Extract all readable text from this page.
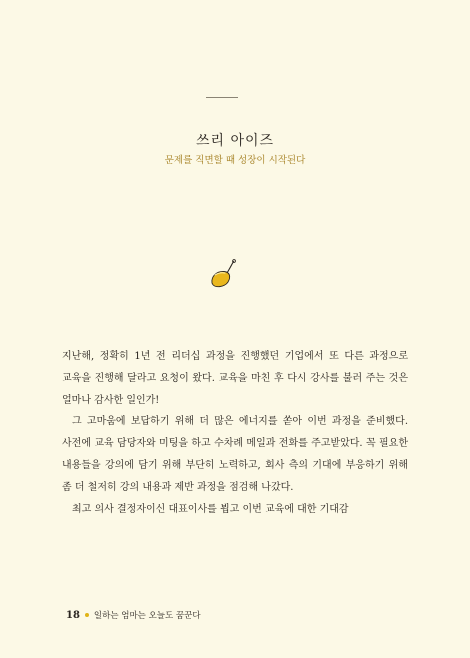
쓰리 아이즈

문제를 직면할 때 성장이 시작된다

지난해, 정확히 1년 전 리더십 과정을 진행했던 기업에서 또 다른 과정으로 교육을 진행해 달라고 요청이 왔다. 교육을 마친 후 다시 강사를 불러 주는 것은 얼마나 감사한 일인가!

그 고마움에 보답하기 위해 더 많은 에너지를 쏟아 이번 과정을 준비했다. 사전에 교육 담당자와 미팅을 하고 수차례 메일과 전화를 주고받았다. 꼭 필요한 내용들을 강의에 담기 위해 부단히 노력하고, 회사 측의 기대에 부응하기 위해 좀 더 철저히 강의 내용과 제반 과정을 점검해 나갔다.

최고 의사 결정자이신 대표이사를 뵙고 이번 교육에 대한 기대감

18 일하는 엄마는 오늘도 꿈꾼다
